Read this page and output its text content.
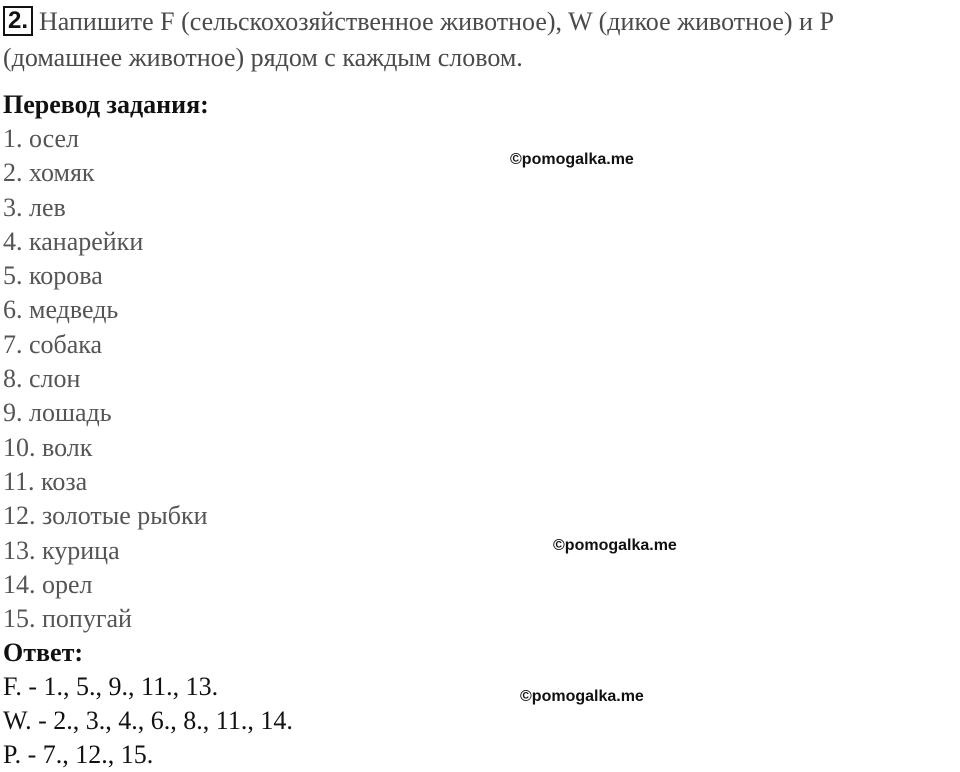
2. Напишите F (сельскохозяйственное животное), W (дикое животное) и P (домашнее животное) рядом с каждым словом.

Перевод задания:

1. осел
2. хомяк
3. лев
4. канарейки
5. корова
6. медведь
7. собака
8. слон
9. лошадь
10. волк
11. коза
12. золотые рыбки
13. курица
14. орел
15. попугай

Ответ:

F. - 1., 5., 9., 11., 13.
W. - 2., 3., 4., 6., 8., 11., 14.
P. - 7., 12., 15.
©pomogalka.me
©pomogalka.me
©pomogalka.me
